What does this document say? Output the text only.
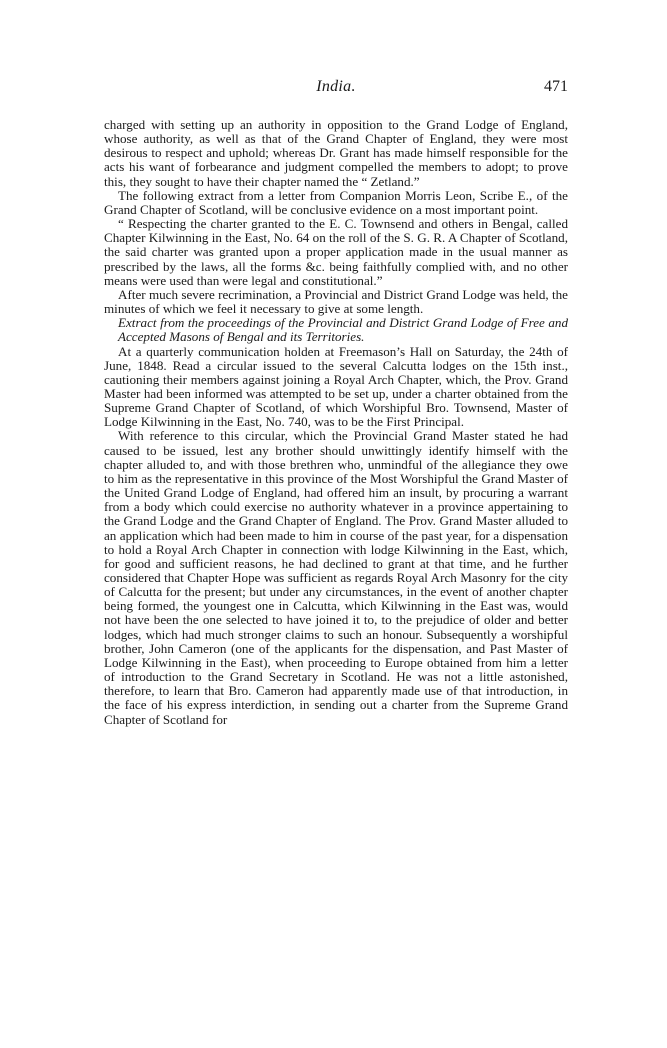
India.	471

charged with setting up an authority in opposition to the Grand Lodge of England, whose authority, as well as that of the Grand Chapter of England, they were most desirous to respect and uphold; whereas Dr. Grant has made himself responsible for the acts his want of forbearance and judgment compelled the members to adopt; to prove this, they sought to have their chapter named the “ Zetland.”

The following extract from a letter from Companion Morris Leon, Scribe E., of the Grand Chapter of Scotland, will be conclusive evidence on a most important point.

“ Respecting the charter granted to the E. C. Townsend and others in Bengal, called Chapter Kilwinning in the East, No. 64 on the roll of the S. G. R. A Chapter of Scotland, the said charter was granted upon a proper application made in the usual manner as prescribed by the laws, all the forms &c. being faithfully complied with, and no other means were used than were legal and constitutional.”

After much severe recrimination, a Provincial and District Grand Lodge was held, the minutes of which we feel it necessary to give at some length.

Extract from the proceedings of the Provincial and District Grand Lodge of Free and Accepted Masons of Bengal and its Territories.

At a quarterly communication holden at Freemason’s Hall on Saturday, the 24th of June, 1848. Read a circular issued to the several Calcutta lodges on the 15th inst., cautioning their members against joining a Royal Arch Chapter, which, the Prov. Grand Master had been informed was attempted to be set up, under a charter obtained from the Supreme Grand Chapter of Scotland, of which Worshipful Bro. Townsend, Master of Lodge Kilwinning in the East, No. 740, was to be the First Principal.

With reference to this circular, which the Provincial Grand Master stated he had caused to be issued, lest any brother should unwittingly identify himself with the chapter alluded to, and with those brethren who, unmindful of the allegiance they owe to him as the representative in this province of the Most Worshipful the Grand Master of the United Grand Lodge of England, had offered him an insult, by procuring a warrant from a body which could exercise no authority whatever in a province appertaining to the Grand Lodge and the Grand Chapter of England. The Prov. Grand Master alluded to an application which had been made to him in course of the past year, for a dispensation to hold a Royal Arch Chapter in connection with lodge Kilwinning in the East, which, for good and sufficient reasons, he had declined to grant at that time, and he further considered that Chapter Hope was sufficient as regards Royal Arch Masonry for the city of Calcutta for the present; but under any circumstances, in the event of another chapter being formed, the youngest one in Calcutta, which Kilwinning in the East was, would not have been the one selected to have joined it to, to the prejudice of older and better lodges, which had much stronger claims to such an honour. Subsequently a worshipful brother, John Cameron (one of the applicants for the dispensation, and Past Master of Lodge Kilwinning in the East), when proceeding to Europe obtained from him a letter of introduction to the Grand Secretary in Scotland. He was not a little astonished, therefore, to learn that Bro. Cameron had apparently made use of that introduction, in the face of his express interdiction, in sending out a charter from the Supreme Grand Chapter of Scotland for
